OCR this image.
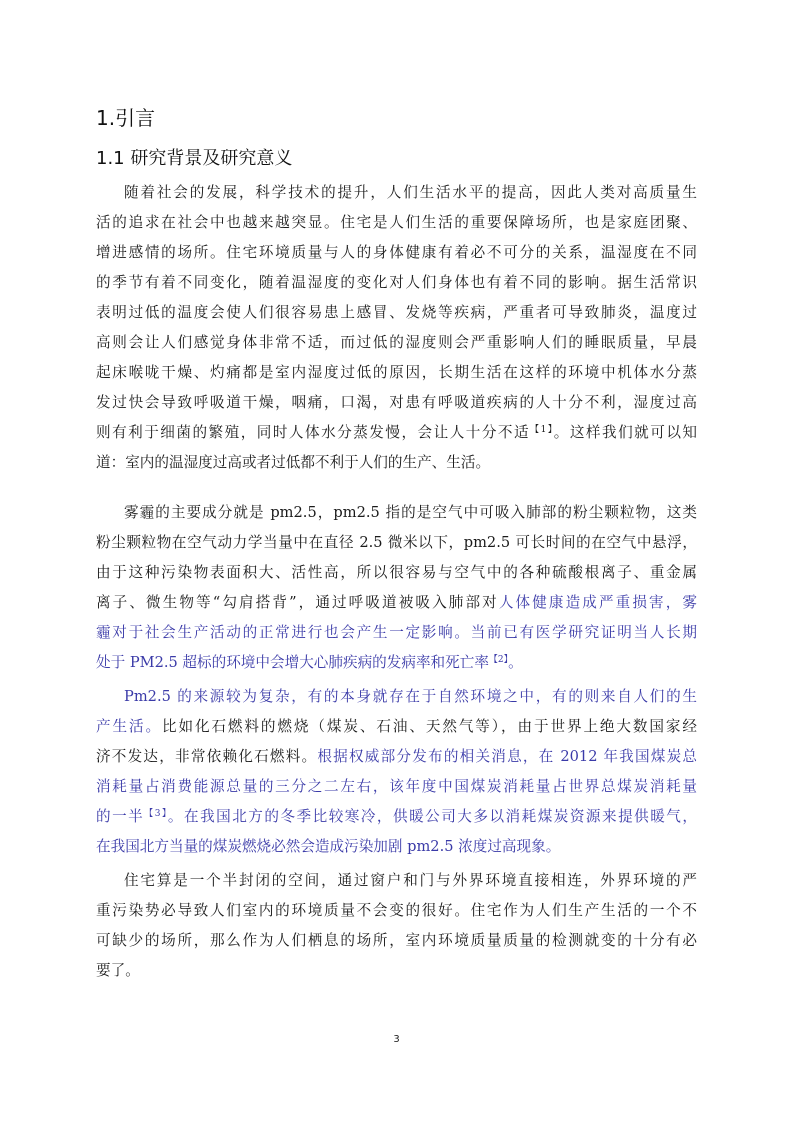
1.引言
1.1 研究背景及研究意义
随着社会的发展，科学技术的提升，人们生活水平的提高，因此人类对高质量生
活的追求在社会中也越来越突显。住宅是人们生活的重要保障场所，也是家庭团聚、
增进感情的场所。住宅环境质量与人的身体健康有着必不可分的关系，温湿度在不同
的季节有着不同变化，随着温湿度的变化对人们身体也有着不同的影响。据生活常识
表明过低的温度会使人们很容易患上感冒、发烧等疾病，严重者可导致肺炎，温度过
高则会让人们感觉身体非常不适，而过低的湿度则会严重影响人们的睡眠质量，早晨
起床喉咙干燥、灼痛都是室内湿度过低的原因，长期生活在这样的环境中机体水分蒸
发过快会导致呼吸道干燥，咽痛，口渴，对患有呼吸道疾病的人十分不利，湿度过高
则有利于细菌的繁殖，同时人体水分蒸发慢，会让人十分不适$^{【1】}$。这样我们就可以知
道：室内的温湿度过高或者过低都不利于人们的生产、生活。
雾霾的主要成分就是 pm2.5，pm2.5 指的是空气中可吸入肺部的粉尘颗粒物，这类
粉尘颗粒物在空气动力学当量中在直径 2.5 微米以下，pm2.5 可长时间的在空气中悬浮，
由于这种污染物表面积大、活性高，所以很容易与空气中的各种硫酸根离子、重金属
离子、微生物等“勾肩搭背”，通过呼吸道被吸入肺部对人体健康造成严重损害，雾
霾对于社会生产活动的正常进行也会产生一定影响。当前已有医学研究证明当人长期
处于 PM2.5 超标的环境中会增大心肺疾病的发病率和死亡率$^{【2】}$。
Pm2.5 的来源较为复杂，有的本身就存在于自然环境之中，有的则来自人们的生
产生活。比如化石燃料的燃烧（煤炭、石油、天然气等），由于世界上绝大数国家经
济不发达，非常依赖化石燃料。根据权威部分发布的相关消息，在 2012 年我国煤炭总
消耗量占消费能源总量的三分之二左右，该年度中国煤炭消耗量占世界总煤炭消耗量
的一半$^{【3】}$。在我国北方的冬季比较寒冷，供暖公司大多以消耗煤炭资源来提供暖气，
在我国北方当量的煤炭燃烧必然会造成污染加剧 pm2.5 浓度过高现象。
住宅算是一个半封闭的空间，通过窗户和门与外界环境直接相连，外界环境的严
重污染势必导致人们室内的环境质量不会变的很好。住宅作为人们生产生活的一个不
可缺少的场所，那么作为人们栖息的场所，室内环境质量质量的检测就变的十分有必
要了。
3
